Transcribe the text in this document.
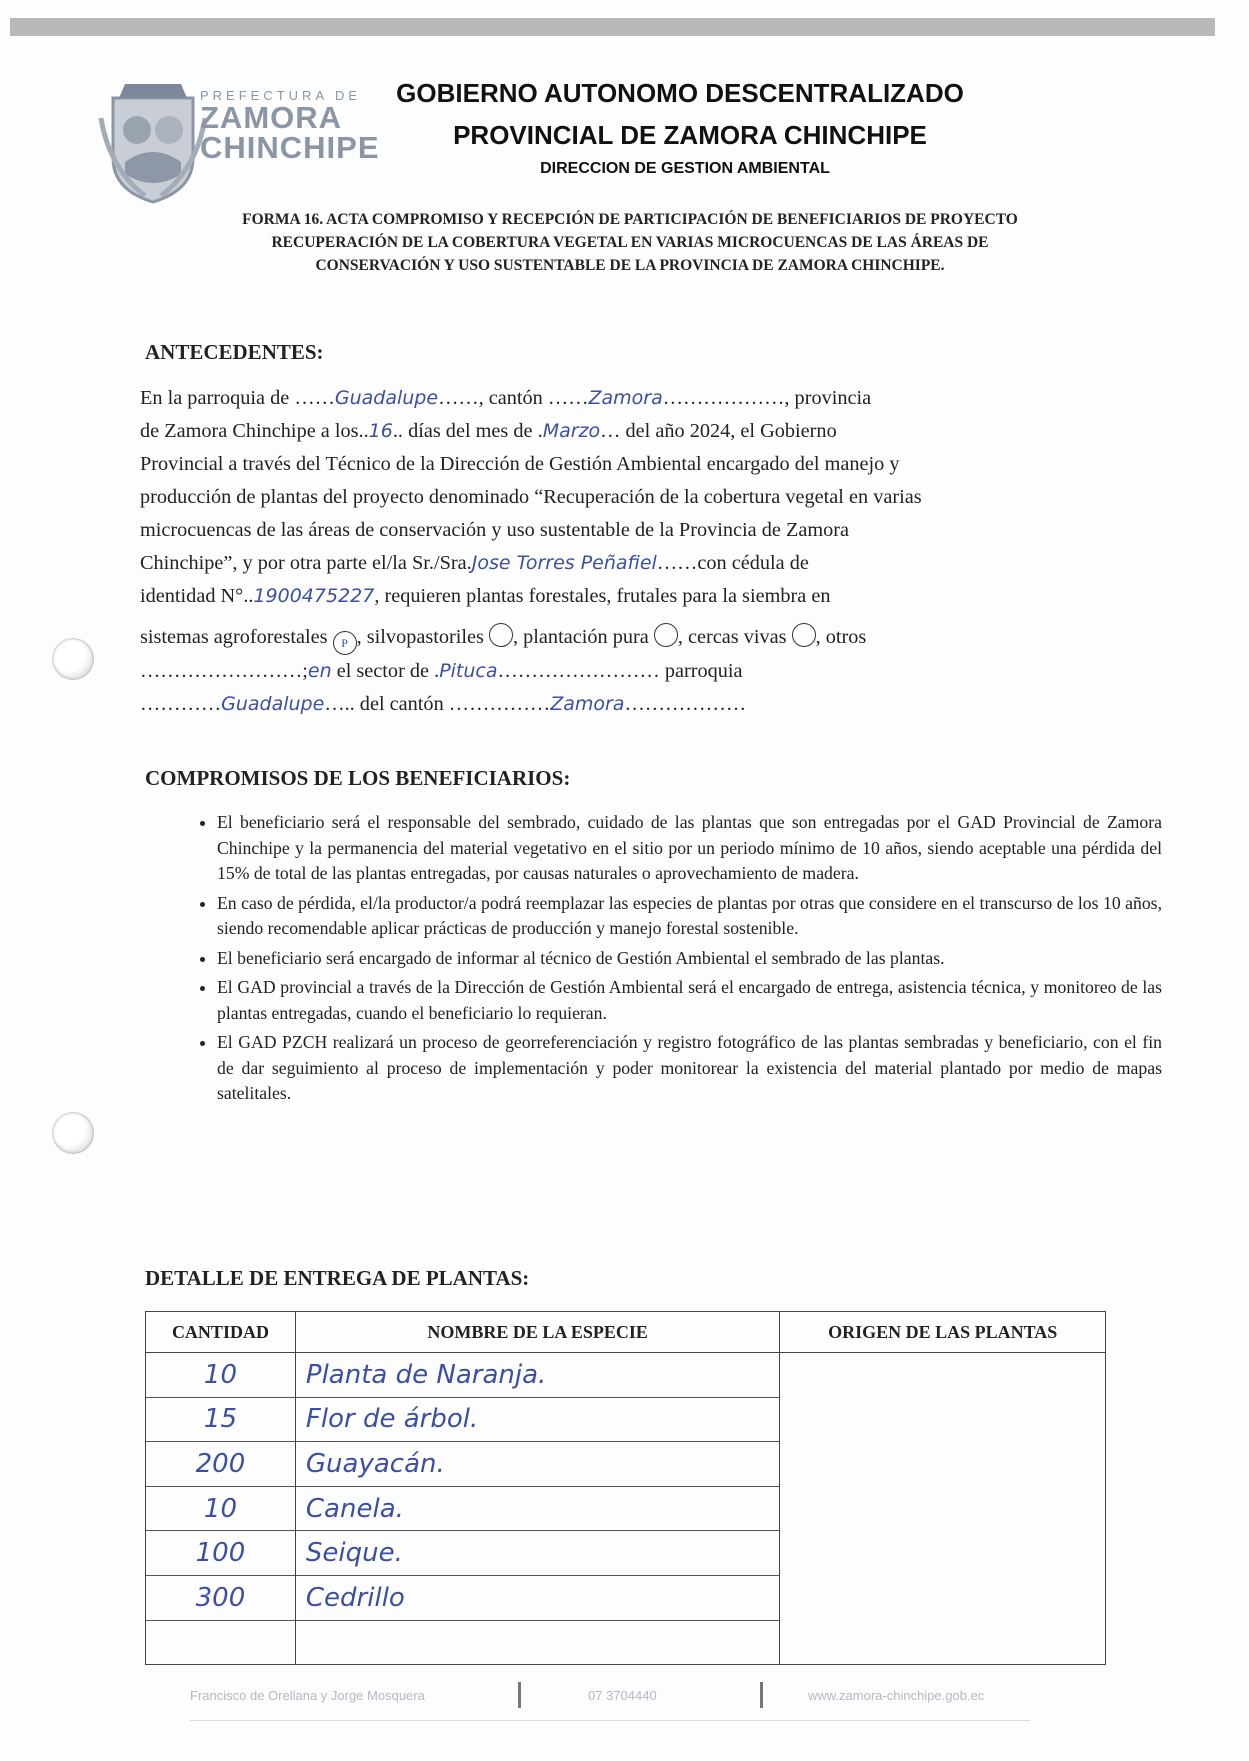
PREFECTURA DE
ZAMORA
CHINCHIPE
GOBIERNO AUTONOMO DESCENTRALIZADO
PROVINCIAL DE ZAMORA CHINCHIPE
DIRECCION DE GESTION AMBIENTAL
FORMA 16. ACTA COMPROMISO Y RECEPCIÓN DE PARTICIPACIÓN DE BENEFICIARIOS DE PROYECTO
RECUPERACIÓN DE LA COBERTURA VEGETAL EN VARIAS MICROCUENCAS DE LAS ÁREAS DE
CONSERVACIÓN Y USO SUSTENTABLE DE LA PROVINCIA DE ZAMORA CHINCHIPE.
ANTECEDENTES:
En la parroquia de ……Guadalupe……, cantón ……Zamora………………, provincia
de Zamora Chinchipe a los..16.. días del mes de .Marzo… del año 2024, el Gobierno
Provincial a través del Técnico de la Dirección de Gestión Ambiental encargado del manejo y
producción de plantas del proyecto denominado “Recuperación de la cobertura vegetal en varias
microcuencas de las áreas de conservación y uso sustentable de la Provincia de Zamora
Chinchipe”, y por otra parte el/la Sr./Sra.Jose Torres Peñafiel……con cédula de
identidad N°..1900475227, requieren plantas forestales, frutales para la siembra en
sistemas agroforestales P , silvopastoriles , plantación pura , cercas vivas , otros
……………………;en el sector de .Pituca…………………… parroquia
…………Guadalupe….. del cantón ……………Zamora………………
COMPROMISOS DE LOS BENEFICIARIOS:
• El beneficiario será el responsable del sembrado, cuidado de las plantas que son entregadas por el GAD Provincial de Zamora Chinchipe y la permanencia del material vegetativo en el sitio por un periodo mínimo de 10 años, siendo aceptable una pérdida del 15% de total de las plantas entregadas, por causas naturales o aprovechamiento de madera.
• En caso de pérdida, el/la productor/a podrá reemplazar las especies de plantas por otras que considere en el transcurso de los 10 años, siendo recomendable aplicar prácticas de producción y manejo forestal sostenible.
• El beneficiario será encargado de informar al técnico de Gestión Ambiental el sembrado de las plantas.
• El GAD provincial a través de la Dirección de Gestión Ambiental será el encargado de entrega, asistencia técnica, y monitoreo de las plantas entregadas, cuando el beneficiario lo requieran.
• El GAD PZCH realizará un proceso de georreferenciación y registro fotográfico de las plantas sembradas y beneficiario, con el fin de dar seguimiento al proceso de implementación y poder monitorear la existencia del material plantado por medio de mapas satelitales.
DETALLE DE ENTREGA DE PLANTAS:
CANTIDAD	NOMBRE DE LA ESPECIE	ORIGEN DE LAS PLANTAS
10	Planta de Naranja.	
15	Flor de árbol.	
200	Guayacán.	
10	Canela.	
100	Seique.	
300	Cedrillo	

Francisco de Orellana y Jorge Mosquera	07 3704440	www.zamora-chinchipe.gob.ec
